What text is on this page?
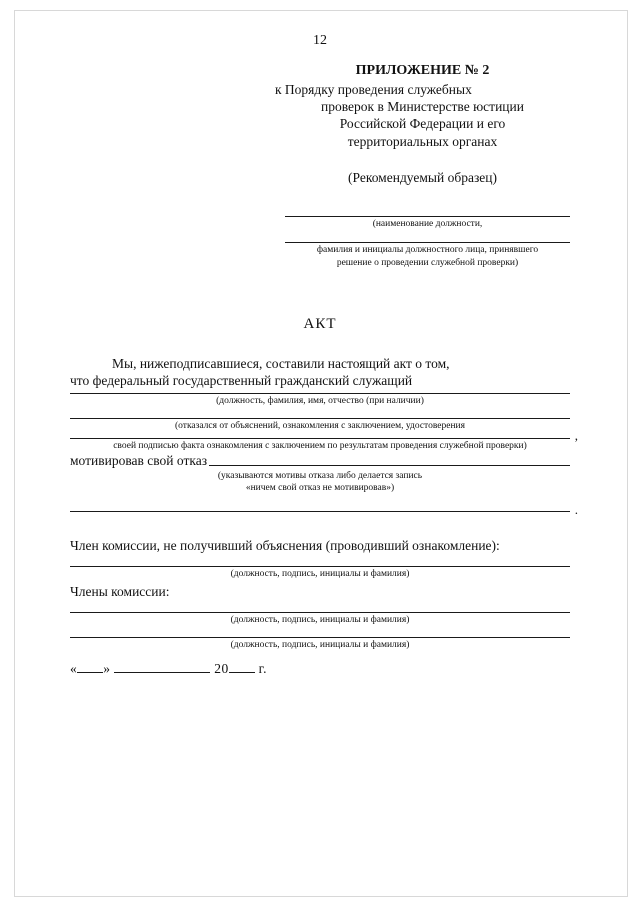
12
ПРИЛОЖЕНИЕ № 2
к Порядку проведения служебных
проверок в Министерстве юстиции
Российской Федерации и его
территориальных органах
(Рекомендуемый образец)
(наименование должности,
фамилия и инициалы должностного лица, принявшего
решение о проведении служебной проверки)
АКТ
Мы, нижеподписавшиеся, составили настоящий акт о том,
что федеральный государственный гражданский служащий
(должность, фамилия, имя, отчество (при наличии)
(отказался от объяснений, ознакомления с заключением, удостоверения
,
своей подписью факта ознакомления с заключением по результатам проведения служебной проверки)
мотивировав свой отказ
(указываются мотивы отказа либо делается запись
«ничем свой отказ не мотивировав»)
.
Член комиссии, не получивший объяснения (проводивший ознакомление):
(должность, подпись, инициалы и фамилия)
Члены комиссии:
(должность, подпись, инициалы и фамилия)
(должность, подпись, инициалы и фамилия)
« »	20 г.
